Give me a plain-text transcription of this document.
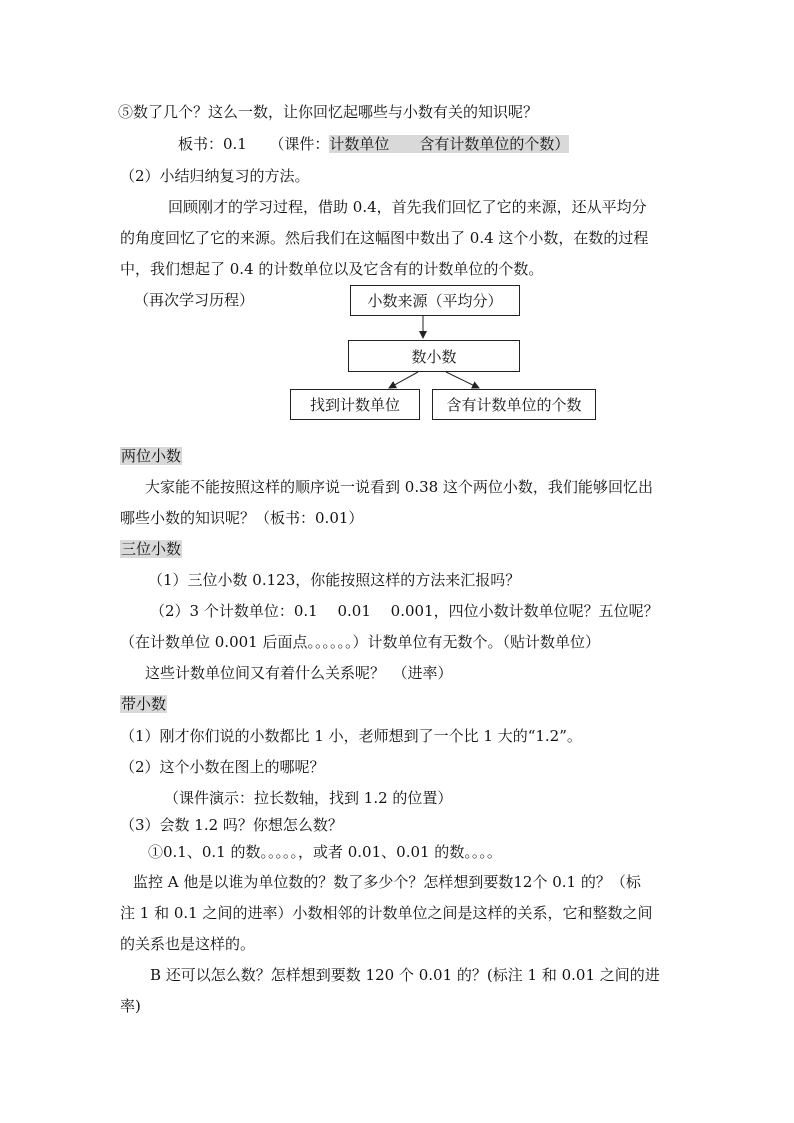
⑤数了几个？这么一数，让你回忆起哪些与小数有关的知识呢？
板书：0.1　　（课件：计数单位　　含有计数单位的个数）
（2）小结归纳复习的方法。
回顾刚才的学习过程，借助 0.4，首先我们回忆了它的来源，还从平均分
的角度回忆了它的来源。然后我们在这幅图中数出了 0.4 这个小数，在数的过程
中，我们想起了 0.4 的计数单位以及它含有的计数单位的个数。
（再次学习历程）	小数来源（平均分）
数小数
找到计数单位	含有计数单位的个数
两位小数
大家能不能按照这样的顺序说一说看到 0.38 这个两位小数，我们能够回忆出
哪些小数的知识呢？（板书：0.01）
三位小数
（1）三位小数 0.123，你能按照这样的方法来汇报吗？
（2）3 个计数单位：0.1　 0.01　 0.001，四位小数计数单位呢？五位呢？
（在计数单位 0.001 后面点。。。。。。）计数单位有无数个。（贴计数单位）
这些计数单位间又有着什么关系呢？　（进率）
带小数
（1）刚才你们说的小数都比 1 小，老师想到了一个比 1 大的“1.2”。
（2）这个小数在图上的哪呢？
（课件演示：拉长数轴，找到 1.2 的位置）
（3）会数 1.2 吗？你想怎么数？
①0.1、0.1 的数。。。。。，或者 0.01、0.01 的数。。。。
监控 A 他是以谁为单位数的？数了多少个？怎样想到要数12个 0.1 的？（标
注 1 和 0.1 之间的进率）小数相邻的计数单位之间是这样的关系，它和整数之间
的关系也是这样的。
B 还可以怎么数？怎样想到要数 120 个 0.01 的？(标注 1 和 0.01 之间的进
率)
